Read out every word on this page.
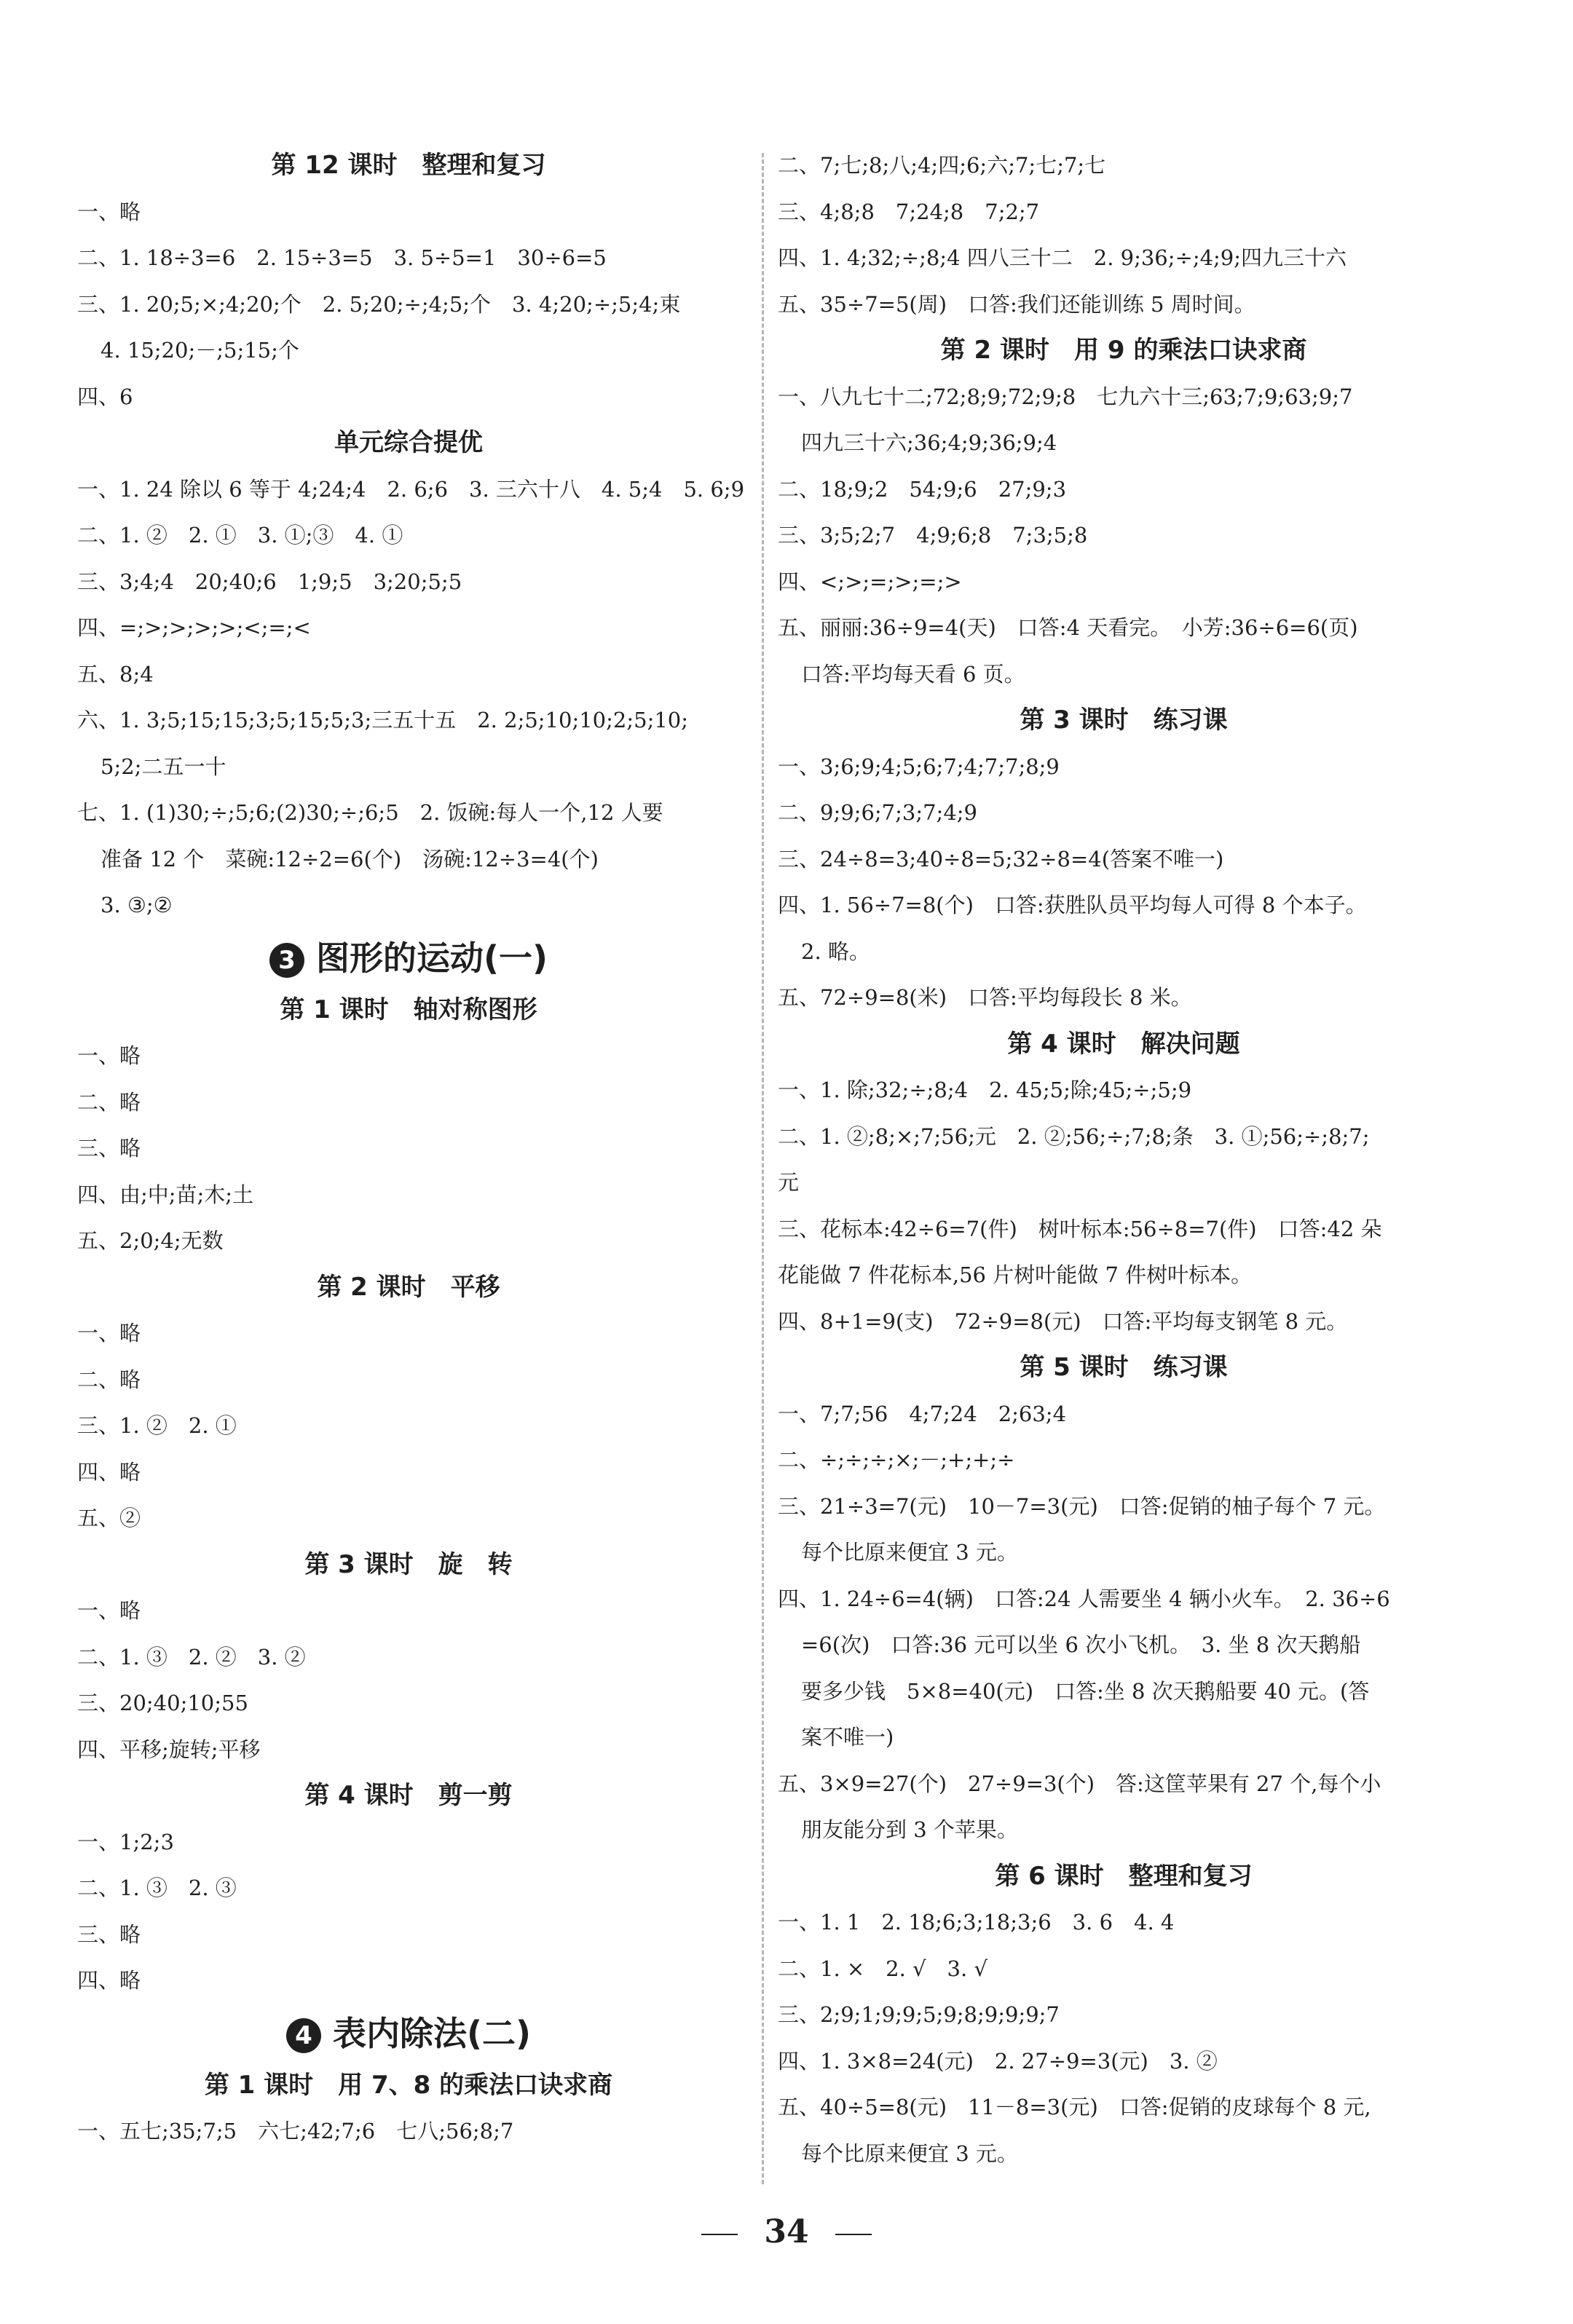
第 12 课时　整理和复习
一、略
二、1. 18÷3=6　2. 15÷3=5　3. 5÷5=1　30÷6=5
三、1. 20;5;×;4;20;个　2. 5;20;÷;4;5;个　3. 4;20;÷;5;4;束
4. 15;20;－;5;15;个
四、6
单元综合提优
一、1. 24 除以 6 等于 4;24;4　2. 6;6　3. 三六十八　4. 5;4　5. 6;9
二、1. ②　2. ①　3. ①;③　4. ①
三、3;4;4　20;40;6　1;9;5　3;20;5;5
四、=;>;>;>;>;<;=;<
五、8;4
六、1. 3;5;15;15;3;5;15;5;3;三五十五　2. 2;5;10;10;2;5;10;
5;2;二五一十
七、1. (1)30;÷;5;6;(2)30;÷;6;5　2. 饭碗:每人一个,12 人要
准备 12 个　菜碗:12÷2=6(个)　汤碗:12÷3=4(个)
3. ③;②
3 图形的运动(一)
第 1 课时　轴对称图形
一、略
二、略
三、略
四、由;中;苗;木;土
五、2;0;4;无数
第 2 课时　平移
一、略
二、略
三、1. ②　2. ①
四、略
五、②
第 3 课时　旋　转
一、略
二、1. ③　2. ②　3. ②
三、20;40;10;55
四、平移;旋转;平移
第 4 课时　剪一剪
一、1;2;3
二、1. ③　2. ③
三、略
四、略
4 表内除法(二)
第 1 课时　用 7、8 的乘法口诀求商
一、五七;35;7;5　六七;42;7;6　七八;56;8;7
二、7;七;8;八;4;四;6;六;7;七;7;七
三、4;8;8　7;24;8　7;2;7
四、1. 4;32;÷;8;4 四八三十二　2. 9;36;÷;4;9;四九三十六
五、35÷7=5(周)　口答:我们还能训练 5 周时间。
第 2 课时　用 9 的乘法口诀求商
一、八九七十二;72;8;9;72;9;8　七九六十三;63;7;9;63;9;7
四九三十六;36;4;9;36;9;4
二、18;9;2　54;9;6　27;9;3
三、3;5;2;7　4;9;6;8　7;3;5;8
四、<;>;=;>;=;>
五、丽丽:36÷9=4(天)　口答:4 天看完。　小芳:36÷6=6(页)
口答:平均每天看 6 页。
第 3 课时　练习课
一、3;6;9;4;5;6;7;4;7;7;8;9
二、9;9;6;7;3;7;4;9
三、24÷8=3;40÷8=5;32÷8=4(答案不唯一)
四、1. 56÷7=8(个)　口答:获胜队员平均每人可得 8 个本子。
2. 略。
五、72÷9=8(米)　口答:平均每段长 8 米。
第 4 课时　解决问题
一、1. 除;32;÷;8;4　2. 45;5;除;45;÷;5;9
二、1. ②;8;×;7;56;元　2. ②;56;÷;7;8;条　3. ①;56;÷;8;7;
元
三、花标本:42÷6=7(件)　树叶标本:56÷8=7(件)　口答:42 朵
花能做 7 件花标本,56 片树叶能做 7 件树叶标本。
四、8+1=9(支)　72÷9=8(元)　口答:平均每支钢笔 8 元。
第 5 课时　练习课
一、7;7;56　4;7;24　2;63;4
二、÷;÷;÷;×;－;+;+;÷
三、21÷3=7(元)　10－7=3(元)　口答:促销的柚子每个 7 元。
每个比原来便宜 3 元。
四、1. 24÷6=4(辆)　口答:24 人需要坐 4 辆小火车。　2. 36÷6
=6(次)　口答:36 元可以坐 6 次小飞机。　3. 坐 8 次天鹅船
要多少钱　5×8=40(元)　口答:坐 8 次天鹅船要 40 元。(答
案不唯一)
五、3×9=27(个)　27÷9=3(个)　答:这筐苹果有 27 个,每个小
朋友能分到 3 个苹果。
第 6 课时　整理和复习
一、1. 1　2. 18;6;3;18;3;6　3. 6　4. 4
二、1. ×　2. √　3. √
三、2;9;1;9;9;5;9;8;9;9;9;7
四、1. 3×8=24(元)　2. 27÷9=3(元)　3. ②
五、40÷5=8(元)　11－8=3(元)　口答:促销的皮球每个 8 元,
每个比原来便宜 3 元。
34
